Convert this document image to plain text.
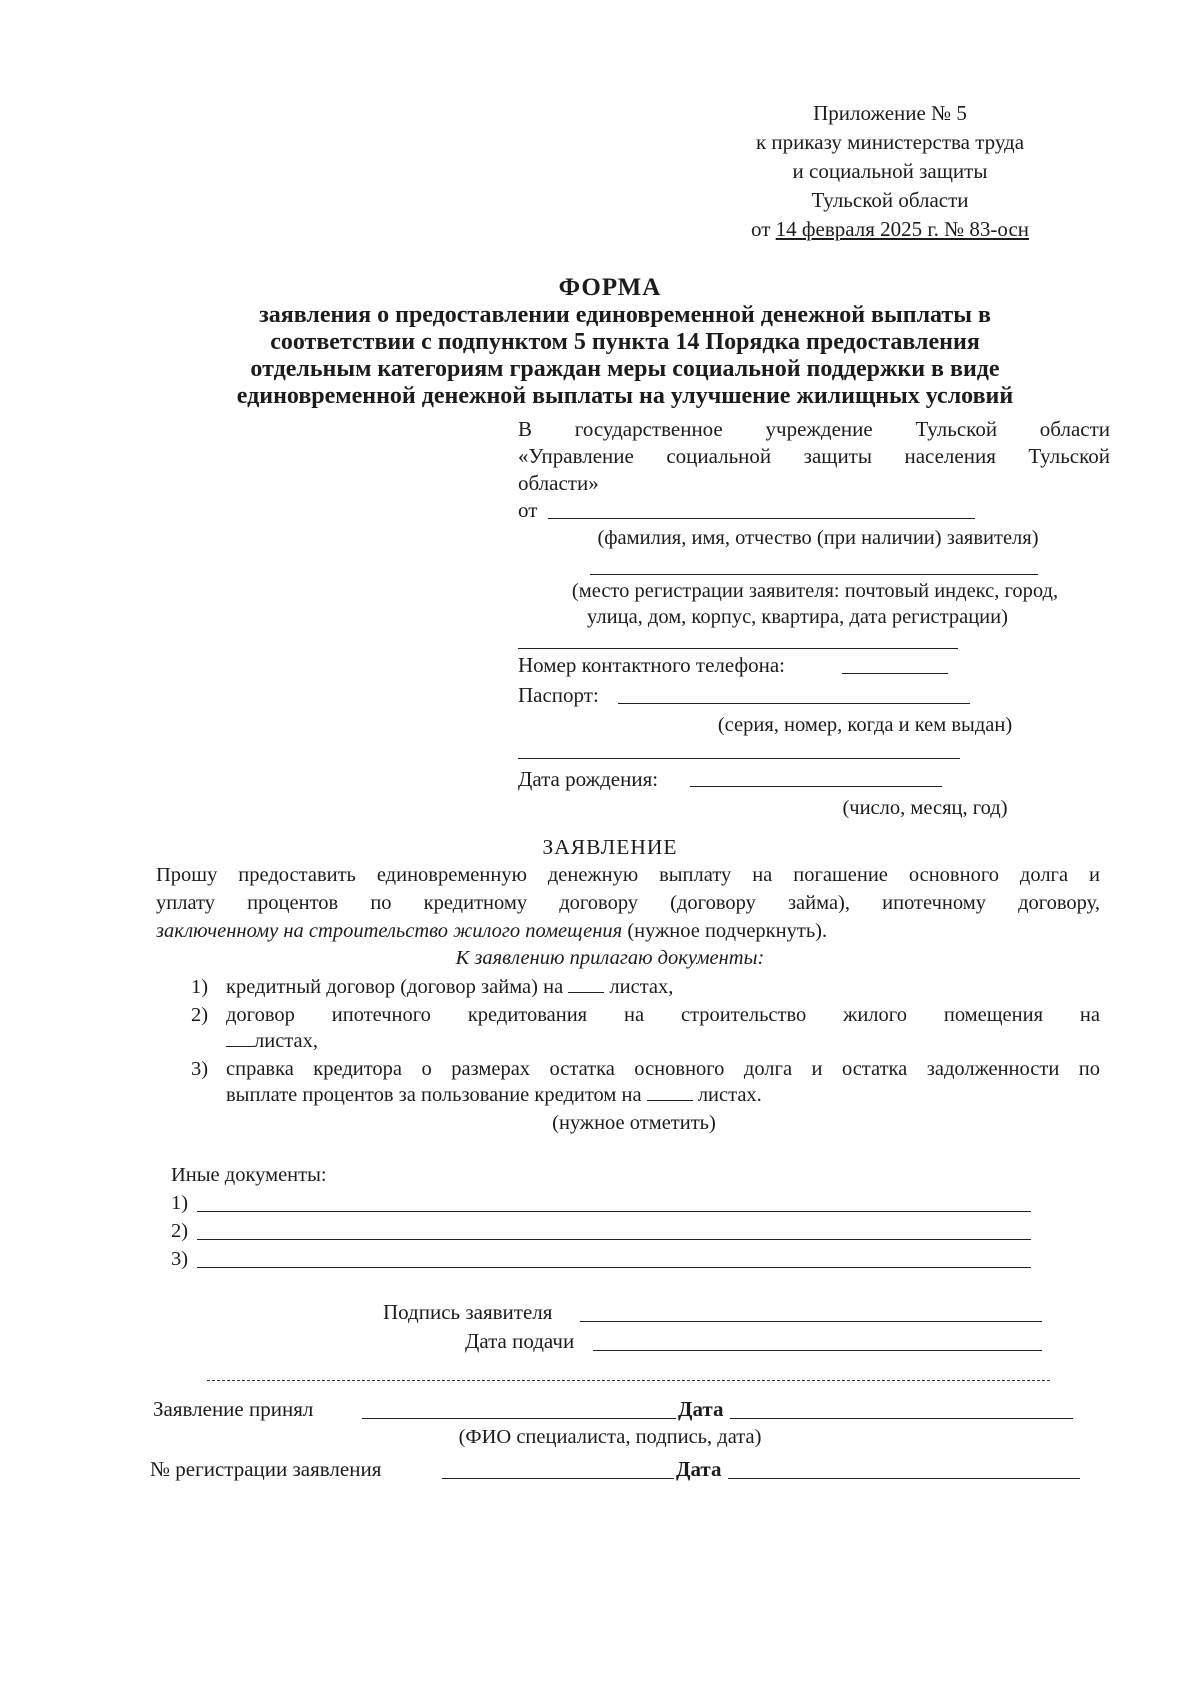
Приложение № 5
к приказу министерства труда
и социальной защиты
Тульской области
от 14 февраля 2025 г. № 83-осн
ФОРМА
заявления о предоставлении единовременной денежной выплаты в
соответствии с подпунктом 5 пункта 14 Порядка предоставления
отдельным категориям граждан меры социальной поддержки в виде
единовременной денежной выплаты на улучшение жилищных условий
В государственное учреждение Тульской области
«Управление социальной защиты населения Тульской
области»
от
(фамилия, имя, отчество (при наличии) заявителя)
(место регистрации заявителя: почтовый индекс, город,
улица, дом, корпус, квартира, дата регистрации)
Номер контактного телефона:
Паспорт:
(серия, номер, когда и кем выдан)
Дата рождения:
(число, месяц, год)
ЗАЯВЛЕНИЕ
Прошу предоставить единовременную денежную выплату на погашение основного долга и
уплату процентов по кредитному договору (договору займа), ипотечному договору,
заключенному на строительство жилого помещения (нужное подчеркнуть).
К заявлению прилагаю документы:
1) кредитный договор (договор займа) на листах,
2) договор ипотечного кредитования на строительство жилого помещения на
листах,
3) справка кредитора о размерах остатка основного долга и остатка задолженности по
выплате процентов за пользование кредитом на	листах.
(нужное отметить)
Иные документы:
1)
2)
3)
Подпись заявителя
Дата подачи
Заявление принял	Дата
(ФИО специалиста, подпись, дата)
№ регистрации заявления	Дата
